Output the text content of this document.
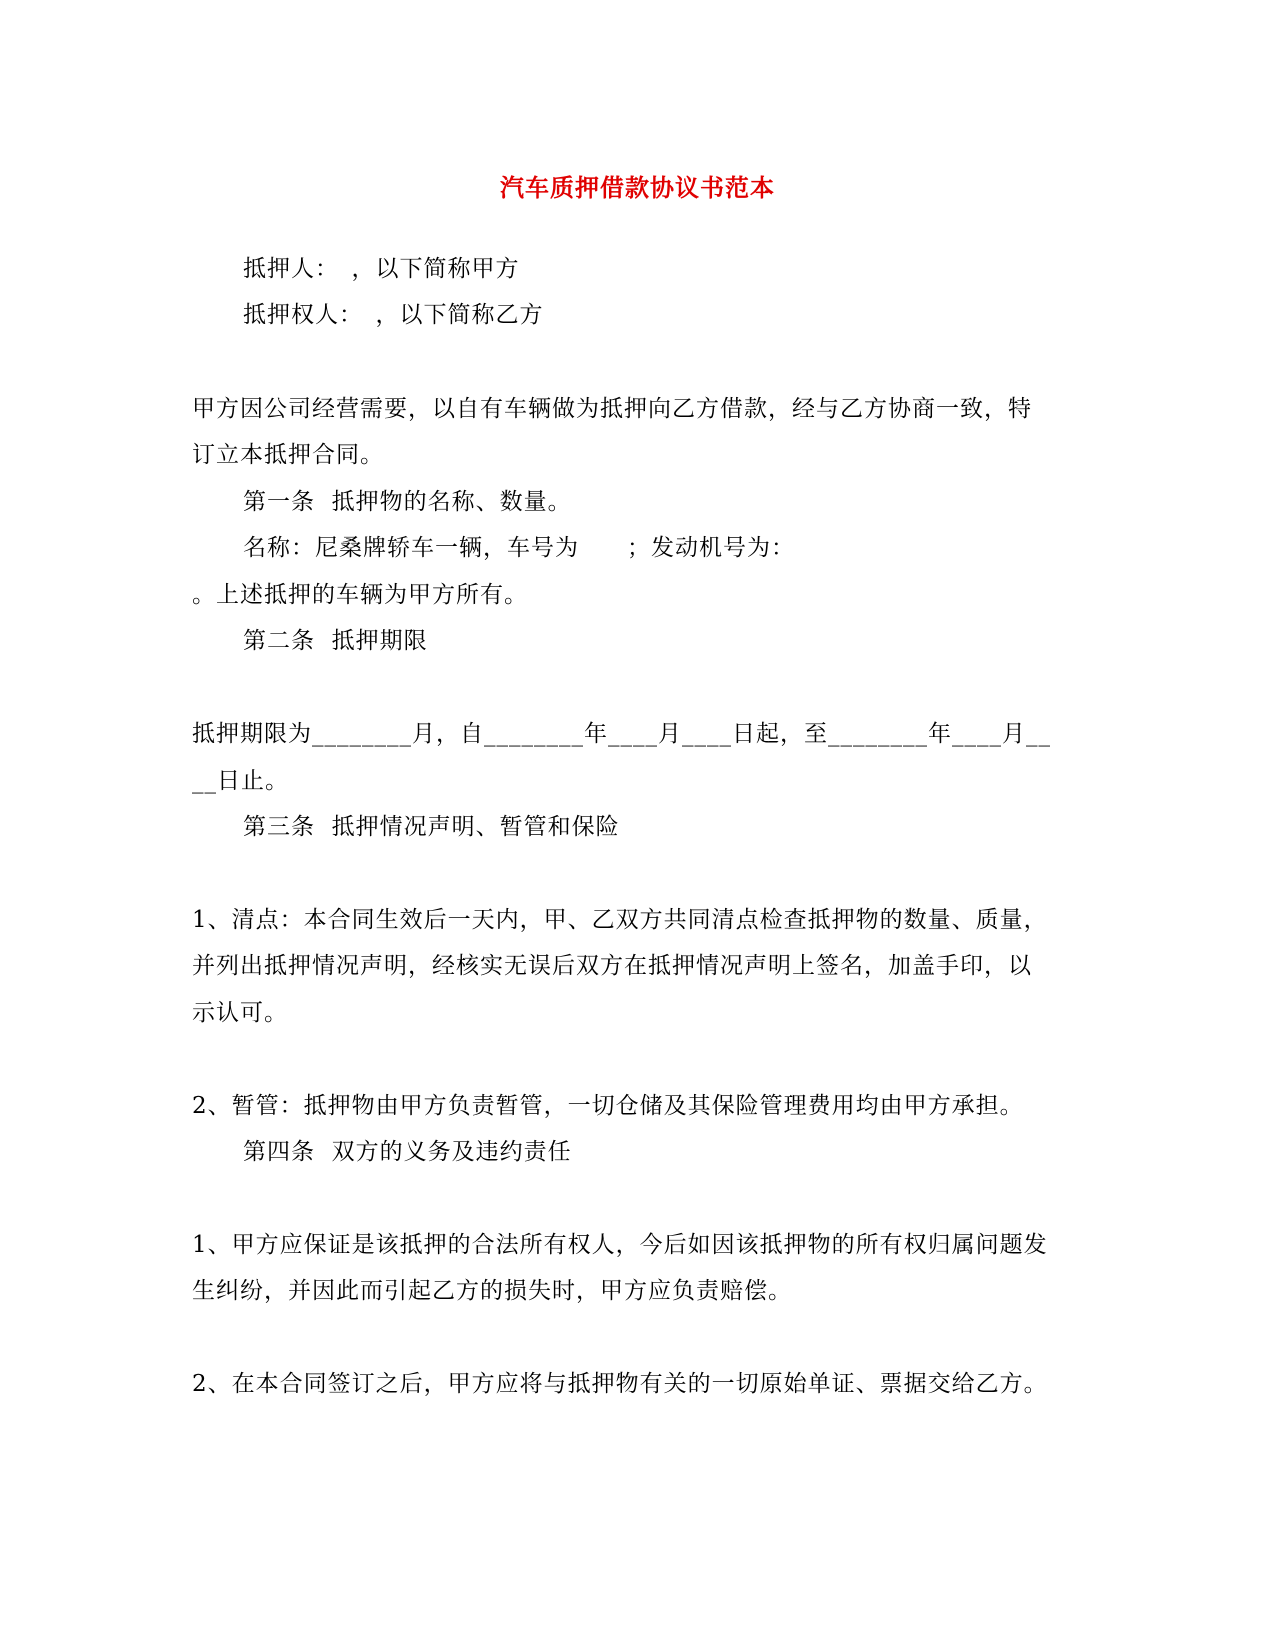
汽车质押借款协议书范本
抵押人：　，以下简称甲方
抵押权人：　，以下简称乙方
甲方因公司经营需要，以自有车辆做为抵押向乙方借款，经与乙方协商一致，特
订立本抵押合同。
第一条  抵押物的名称、数量。
名称：尼桑牌轿车一辆，车号为　　；发动机号为：
。上述抵押的车辆为甲方所有。
第二条  抵押期限
抵押期限为________月，自________年____月____日起，至________年____月__
__日止。
第三条  抵押情况声明、暂管和保险
1、清点：本合同生效后一天内，甲、乙双方共同清点检查抵押物的数量、质量，
并列出抵押情况声明，经核实无误后双方在抵押情况声明上签名，加盖手印，以
示认可。
2、暂管：抵押物由甲方负责暂管，一切仓储及其保险管理费用均由甲方承担。
第四条  双方的义务及违约责任
1、甲方应保证是该抵押的合法所有权人，今后如因该抵押物的所有权归属问题发
生纠纷，并因此而引起乙方的损失时，甲方应负责赔偿。
2、在本合同签订之后，甲方应将与抵押物有关的一切原始单证、票据交给乙方。
